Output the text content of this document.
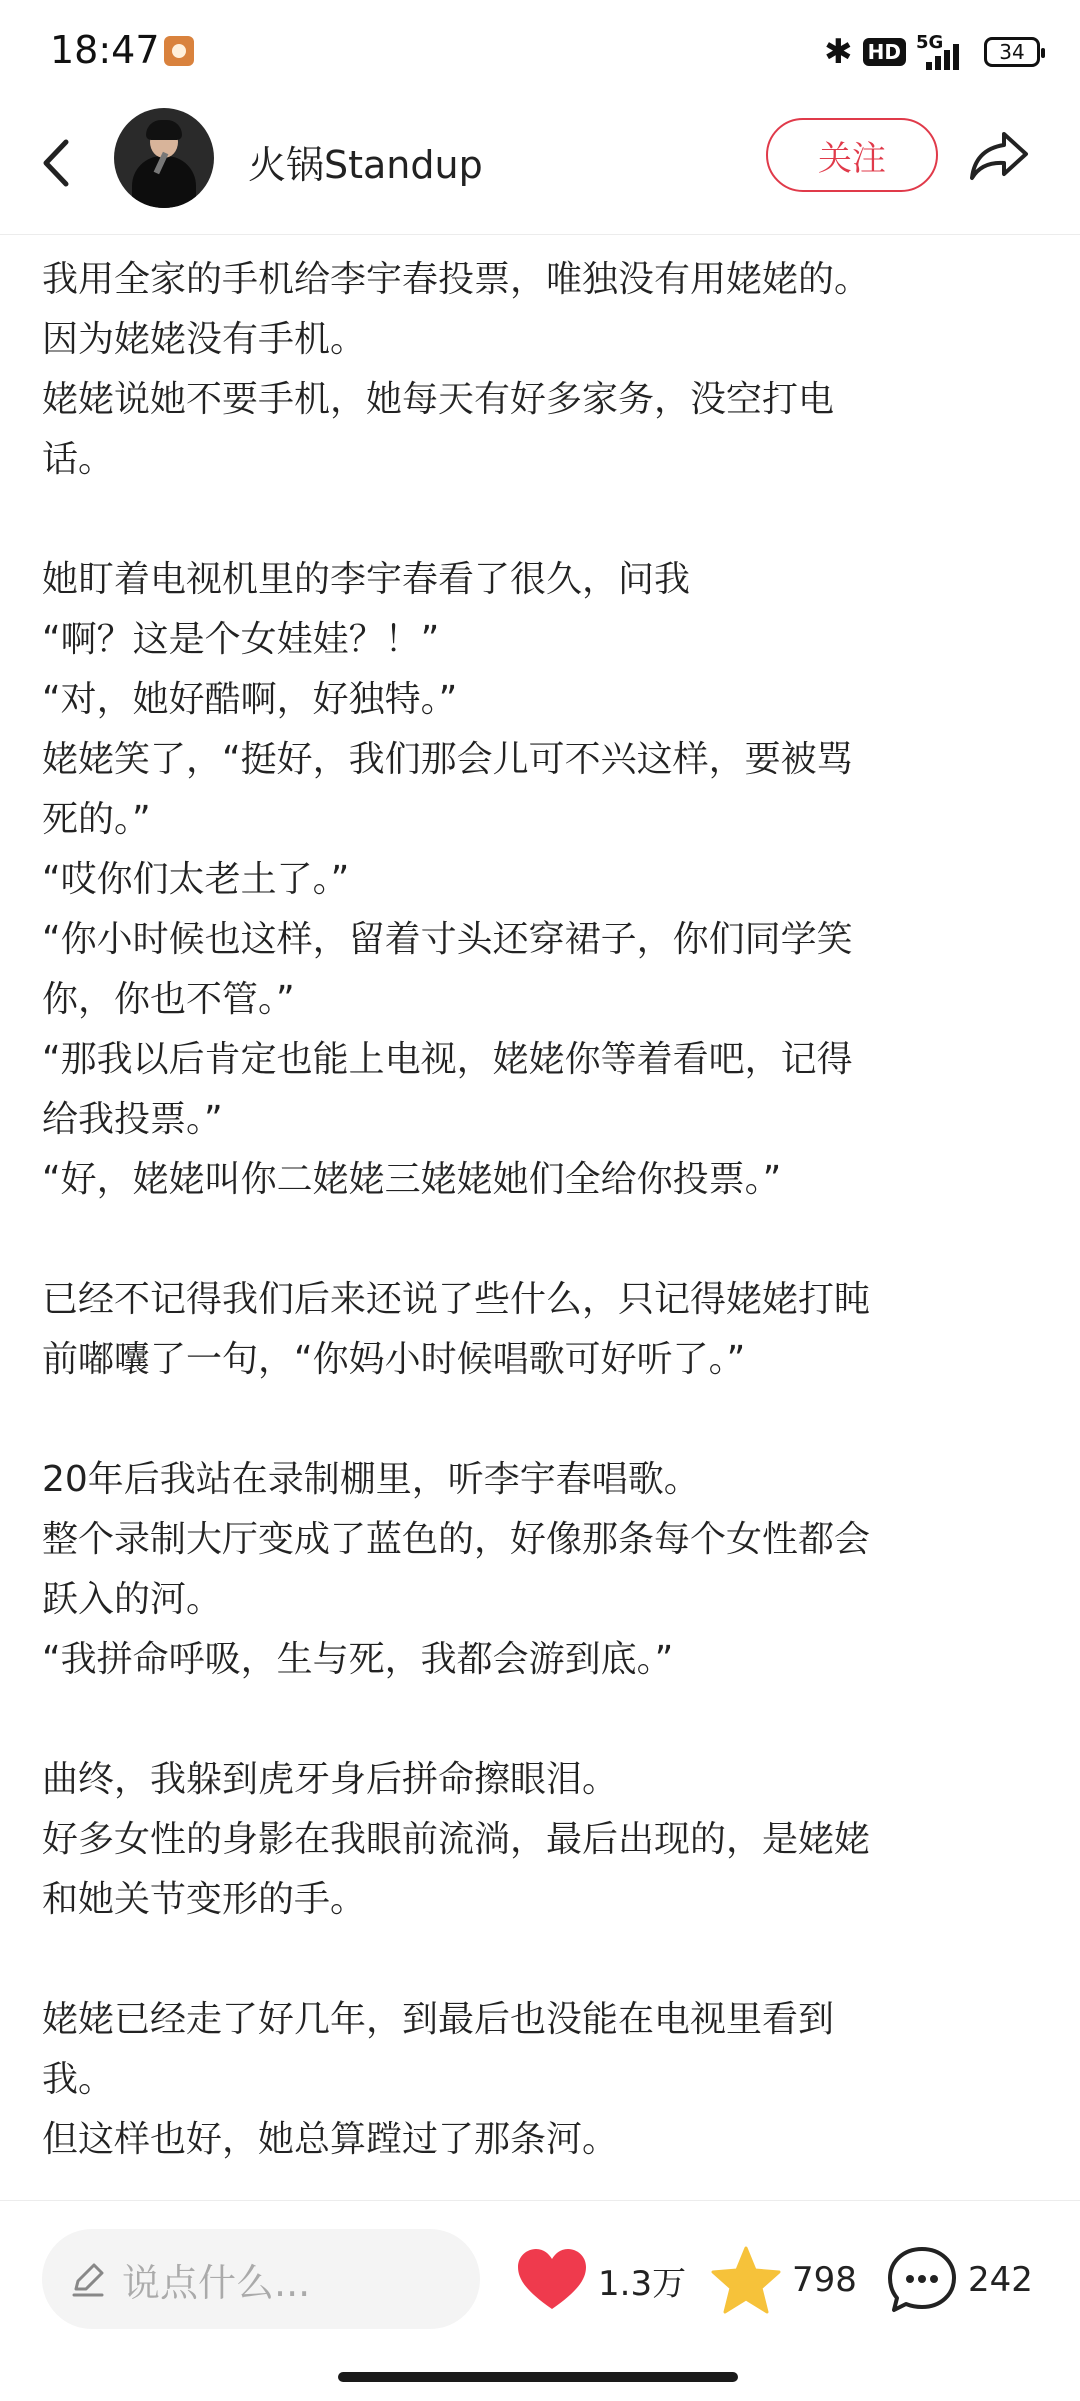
18:47	✱ HD 5G	34
火锅Standup	关注
我用全家的手机给李宇春投票，唯独没有用姥姥的。
因为姥姥没有手机。
姥姥说她不要手机，她每天有好多家务，没空打电
话。
她盯着电视机里的李宇春看了很久，问我
“啊？这是个女娃娃？！”
“对，她好酷啊，好独特。”
姥姥笑了，“挺好，我们那会儿可不兴这样，要被骂
死的。”
“哎你们太老土了。”
“你小时候也这样，留着寸头还穿裙子，你们同学笑
你，你也不管。”
“那我以后肯定也能上电视，姥姥你等着看吧，记得
给我投票。”
“好，姥姥叫你二姥姥三姥姥她们全给你投票。”
已经不记得我们后来还说了些什么，只记得姥姥打盹
前嘟囔了一句，“你妈小时候唱歌可好听了。”
20年后我站在录制棚里，听李宇春唱歌。
整个录制大厅变成了蓝色的，好像那条每个女性都会
跃入的河。
“我拼命呼吸，生与死，我都会游到底。”
曲终，我躲到虎牙身后拼命擦眼泪。
好多女性的身影在我眼前流淌，最后出现的，是姥姥
和她关节变形的手。
姥姥已经走了好几年，到最后也没能在电视里看到
我。
但这样也好，她总算蹚过了那条河。
说点什么...	1.3万	798	242
